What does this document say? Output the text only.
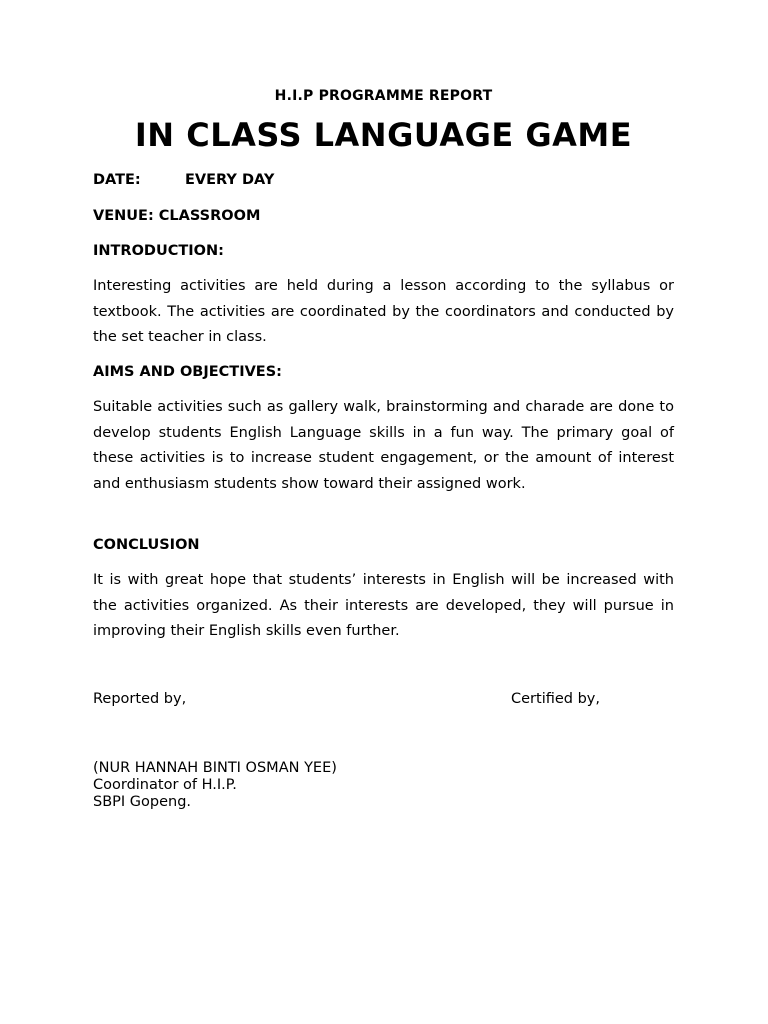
H.I.P PROGRAMME REPORT
IN CLASS LANGUAGE GAME
DATE:	EVERY DAY
VENUE: CLASSROOM
INTRODUCTION:

Interesting activities are held during a lesson according to the syllabus or textbook. The activities are coordinated by the coordinators and conducted by the set teacher in class.

AIMS AND OBJECTIVES:

Suitable activities such as gallery walk, brainstorming and charade are done to develop students English Language skills in a fun way. The primary goal of these activities is to increase student engagement, or the amount of interest and enthusiasm students show toward their assigned work.

CONCLUSION

It is with great hope that students’ interests in English will be increased with the activities organized. As their interests are developed, they will pursue in improving their English skills even further.

Reported by,	Certified by,
(NUR HANNAH BINTI OSMAN YEE)
Coordinator of H.I.P.
SBPI Gopeng.
